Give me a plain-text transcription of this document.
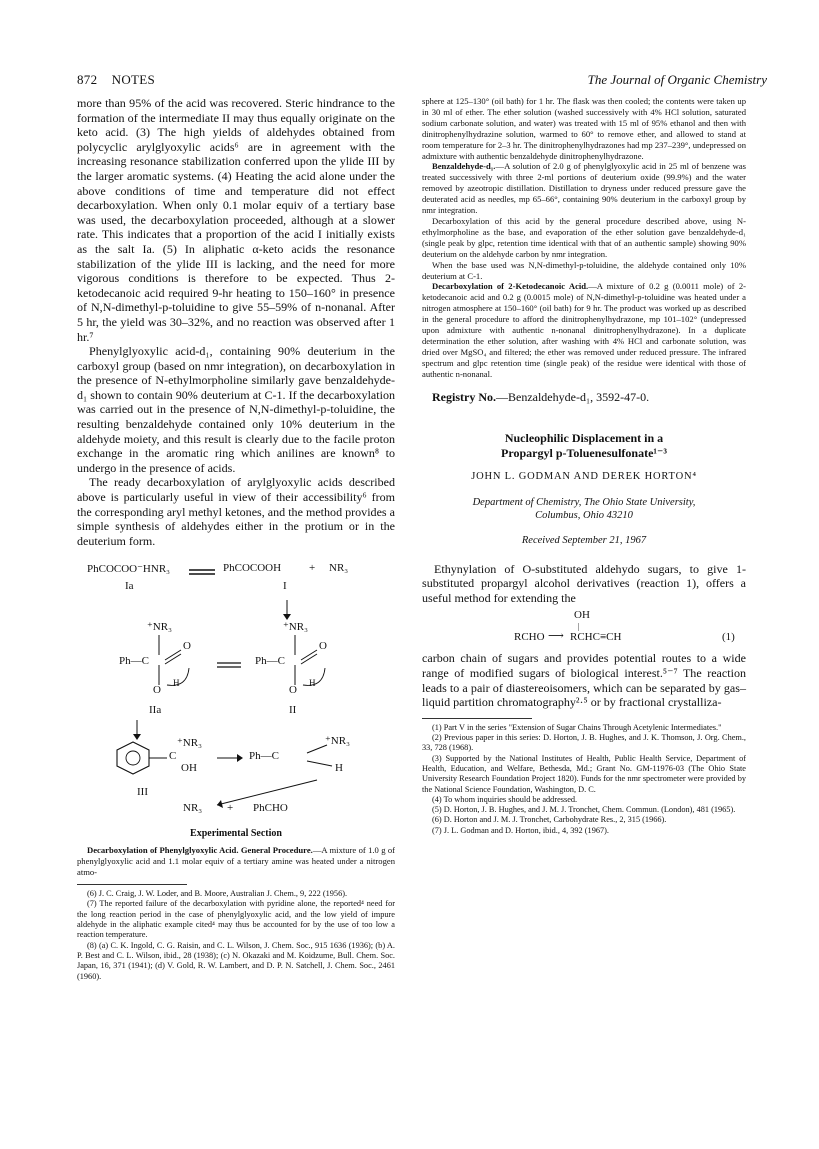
872 NOTES	The Journal of Organic Chemistry

more than 95% of the acid was recovered. Steric hindrance to the formation of the intermediate II may thus equally originate on the keto acid. (3) The high yields of aldehydes obtained from polycyclic arylglyoxylic acids⁶ are in agreement with the increasing resonance stabilization conferred upon the ylide III by the larger aromatic systems. (4) Heating the acid alone under the above conditions of time and temperature did not effect decarboxylation. When only 0.1 molar equiv of a tertiary base was used, the decarboxylation proceeded, although at a slower rate. This indicates that a proportion of the acid I initially exists as the salt Ia. (5) In aliphatic α-keto acids the resonance stabilization of the ylide III is lacking, and the need for more vigorous conditions is therefore to be expected. Thus 2-ketodecanoic acid required 9-hr heating to 150–160° in presence of N,N-dimethyl-p-toluidine to give 55–59% of n-nonanal. After 5 hr, the yield was 30–32%, and no reaction was observed after 1 hr.⁷

Phenylglyoxylic acid-d₁, containing 90% deuterium in the carboxyl group (based on nmr integration), on decarboxylation in the presence of N-ethylmorpholine similarly gave benzaldehyde-d₁ shown to contain 90% deuterium at C-1. If the decarboxylation was carried out in the presence of N,N-dimethyl-p-toluidine, the resulting benzaldehyde contained only 10% deuterium in the aldehyde moiety, and this result is clearly due to the facile proton exchange in the aromatic ring which anilines are known⁸ to undergo in the presence of acids.

The ready decarboxylation of arylglyoxylic acids described above is particularly useful in view of their accessibility⁶ from the corresponding aryl methyl ketones, and the method provides a simple synthesis of aldehydes either in the protium or in the deuterium form.

PhCOCOO⁻HNR₃	PhCOCOOH	+ NR₃
Ia	I
⁺NR₃
Ph—C
O
O
H
⁺NR₃
Ph—C
O
O
H
IIa	II
C
⁺NR₃
OH
Ph—C
⁺NR₃
H
III
NR₃ + PhCHO
Experimental Section

Decarboxylation of Phenylglyoxylic Acid. General Procedure.—A mixture of 1.0 g of phenylglyoxylic acid and 1.1 molar equiv of a tertiary amine was heated under a nitrogen atmo-

(6) J. C. Craig, J. W. Loder, and B. Moore, Australian J. Chem., 9, 222 (1956).

(7) The reported failure of the decarboxylation with pyridine alone, the reported⁴ need for the long reaction period in the case of phenylglyoxylic acid, and the low yield of impure aldehyde in the aliphatic example cited⁴ may thus be accounted for by the use of too low a reaction temperature.

(8) (a) C. K. Ingold, C. G. Raisin, and C. L. Wilson, J. Chem. Soc., 915 1636 (1936); (b) A. P. Best and C. L. Wilson, ibid., 28 (1938); (c) N. Okazaki and M. Koidzume, Bull. Chem. Soc. Japan, 16, 371 (1941); (d) V. Gold, R. W. Lambert, and D. P. N. Satchell, J. Chem. Soc., 2461 (1960).

sphere at 125–130° (oil bath) for 1 hr. The flask was then cooled; the contents were taken up in 30 ml of ether. The ether solution (washed successively with 4% HCl solution, saturated sodium carbonate solution, and water) was treated with 15 ml of 95% ethanol and then with dinitrophenylhydrazine solution, warmed to 60° to remove ether, and allowed to stand at room temperature for 2–3 hr. The dinitrophenylhydrazones had mp 237–239°, undepressed on admixture with authentic benzaldehyde dinitrophenylhydrazone.

Benzaldehyde-d₁.—A solution of 2.0 g of phenylglyoxylic acid in 25 ml of benzene was treated successively with three 2-ml portions of deuterium oxide (99.9%) and the water removed by azeotropic distillation. Distillation to dryness under reduced pressure gave the deuterated acid as needles, mp 65–66°, containing 90% deuterium in the carboxyl group by nmr integration.

Decarboxylation of this acid by the general procedure described above, using N-ethylmorpholine as the base, and evaporation of the ether solution gave benzaldehyde-d₁ (single peak by glpc, retention time identical with that of an authentic sample) showing 90% deuterium on the aldehyde carbon by nmr integration.

When the base used was N,N-dimethyl-p-toluidine, the aldehyde contained only 10% deuterium at C-1.

Decarboxylation of 2-Ketodecanoic Acid.—A mixture of 0.2 g (0.0011 mole) of 2-ketodecanoic acid and 0.2 g (0.0015 mole) of N,N-dimethyl-p-toluidine was heated under a nitrogen atmosphere at 150–160° (oil bath) for 9 hr. The product was worked up as described in the general procedure to afford the dinitrophenylhydrazone, mp 101–102° (undepressed upon admixture with authentic n-nonanal dinitrophenylhydrazone). In a duplicate determination the ether solution, after washing with 4% HCl and carbonate solution, was dried over MgSO₄ and filtered; the ether was removed under reduced pressure. The infrared spectrum and glpc retention time (single peak) of the residue were identical with those of authentic n-nonanal.

Registry No.—Benzaldehyde-d₁, 3592-47-0.

Nucleophilic Displacement in a
Propargyl p-Toluenesulfonate¹⁻³
JOHN L. GODMAN AND DEREK HORTON⁴
Department of Chemistry, The Ohio State University,
Columbus, Ohio 43210
Received September 21, 1967

Ethynylation of O-substituted aldehydo sugars, to give 1-substituted propargyl alcohol derivatives (reaction 1), offers a useful method for extending the

OH
|
RCHO ⟶ RCHC≡CH	(1)

carbon chain of sugars and provides potential routes to a wide range of modified sugars of biological interest.⁵⁻⁷ The reaction leads to a pair of diastereoisomers, which can be separated by gas–liquid partition chromatography²·⁵ or by fractional crystalliza-

(1) Part V in the series "Extension of Sugar Chains Through Acetylenic Intermediates."

(2) Previous paper in this series: D. Horton, J. B. Hughes, and J. K. Thomson, J. Org. Chem., 33, 728 (1968).

(3) Supported by the National Institutes of Health, Public Health Service, Department of Health, Education, and Welfare, Bethesda, Md.; Grant No. GM-11976-03 (The Ohio State University Research Foundation Project 1820). Funds for the nmr spectrometer were provided by the National Science Foundation, Washington, D. C.

(4) To whom inquiries should be addressed.

(5) D. Horton, J. B. Hughes, and J. M. J. Tronchet, Chem. Commun. (London), 481 (1965).

(6) D. Horton and J. M. J. Tronchet, Carbohydrate Res., 2, 315 (1966).

(7) J. L. Godman and D. Horton, ibid., 4, 392 (1967).
